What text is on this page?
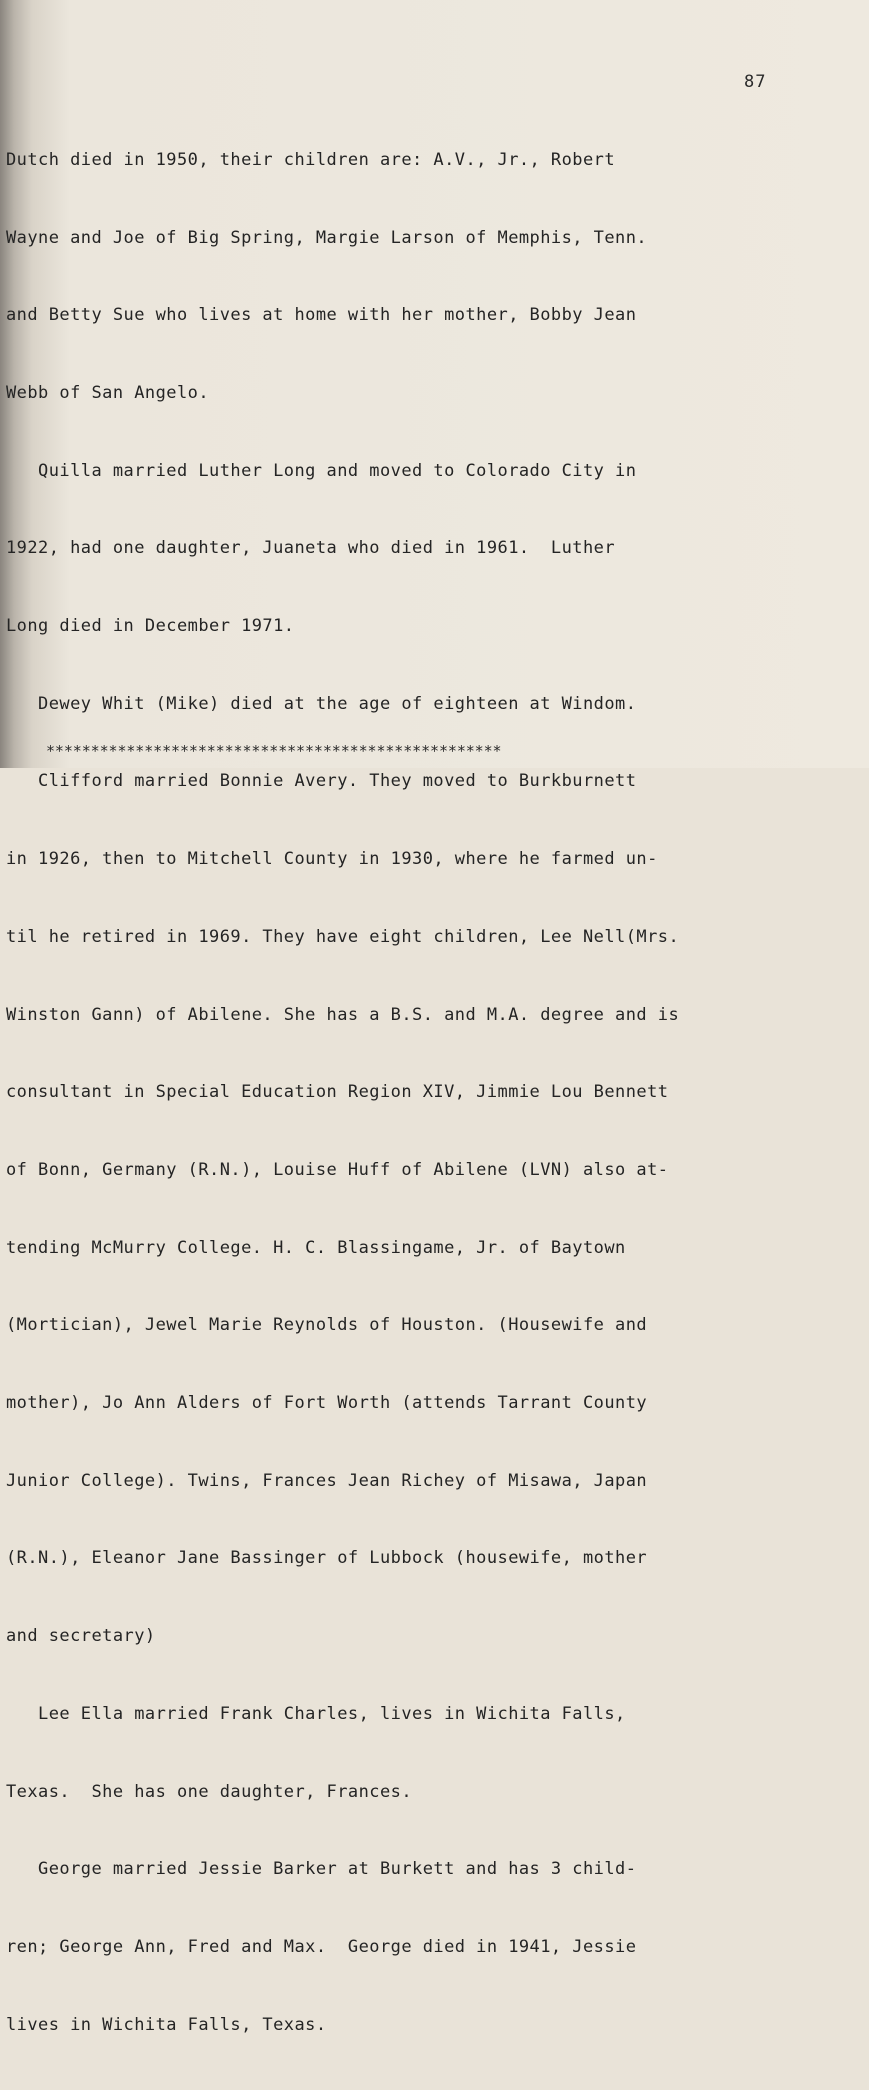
87

Dutch died in 1950, their children are: A.V., Jr., Robert

Wayne and Joe of Big Spring, Margie Larson of Memphis, Tenn.

and Betty Sue who lives at home with her mother, Bobby Jean

Webb of San Angelo.

Quilla married Luther Long and moved to Colorado City in

1922, had one daughter, Juaneta who died in 1961.  Luther

Long died in December 1971.

Dewey Whit (Mike) died at the age of eighteen at Windom.

Clifford married Bonnie Avery. They moved to Burkburnett

in 1926, then to Mitchell County in 1930, where he farmed un-

til he retired in 1969. They have eight children, Lee Nell(Mrs.

Winston Gann) of Abilene. She has a B.S. and M.A. degree and is

consultant in Special Education Region XIV, Jimmie Lou Bennett

of Bonn, Germany (R.N.), Louise Huff of Abilene (LVN) also at-

tending McMurry College. H. C. Blassingame, Jr. of Baytown

(Mortician), Jewel Marie Reynolds of Houston. (Housewife and

mother), Jo Ann Alders of Fort Worth (attends Tarrant County

Junior College). Twins, Frances Jean Richey of Misawa, Japan

(R.N.), Eleanor Jane Bassinger of Lubbock (housewife, mother

and secretary)

Lee Ella married Frank Charles, lives in Wichita Falls,

Texas.  She has one daughter, Frances.

George married Jessie Barker at Burkett and has 3 child-

ren; George Ann, Fred and Max.  George died in 1941, Jessie

lives in Wichita Falls, Texas.

***************************************************
